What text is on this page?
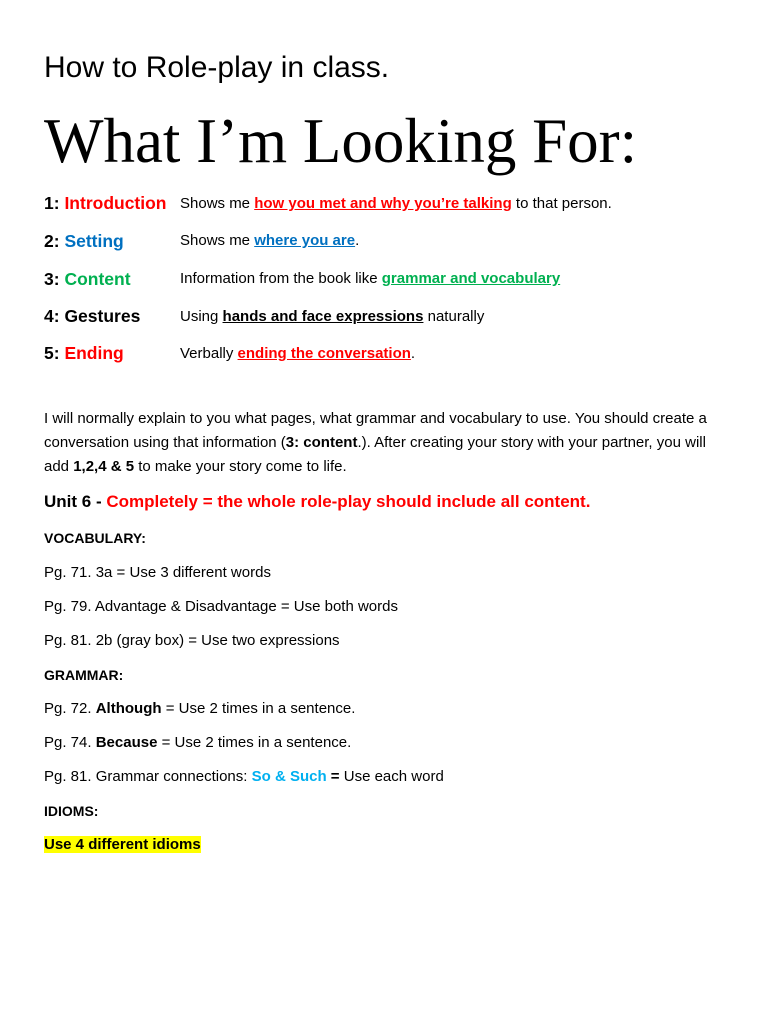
How to Role-play in class.
What I’m Looking For:
1: Introduction Shows me how you met and why you’re talking to that person.
2: Setting	Shows me where you are.
3: Content	Information from the book like grammar and vocabulary
4: Gestures	Using hands and face expressions naturally
5: Ending	Verbally ending the conversation.
I will normally explain to you what pages, what grammar and vocabulary to use. You should create a conversation using that information (3: content.). After creating your story with your partner, you will add 1,2,4 & 5 to make your story come to life.
Unit 6 - Completely = the whole role-play should include all content.
VOCABULARY:
Pg. 71. 3a = Use 3 different words
Pg. 79. Advantage & Disadvantage = Use both words
Pg. 81. 2b (gray box) = Use two expressions
GRAMMAR:
Pg. 72. Although = Use 2 times in a sentence.
Pg. 74. Because = Use 2 times in a sentence.
Pg. 81. Grammar connections: So & Such = Use each word
IDIOMS:
Use 4 different idioms
